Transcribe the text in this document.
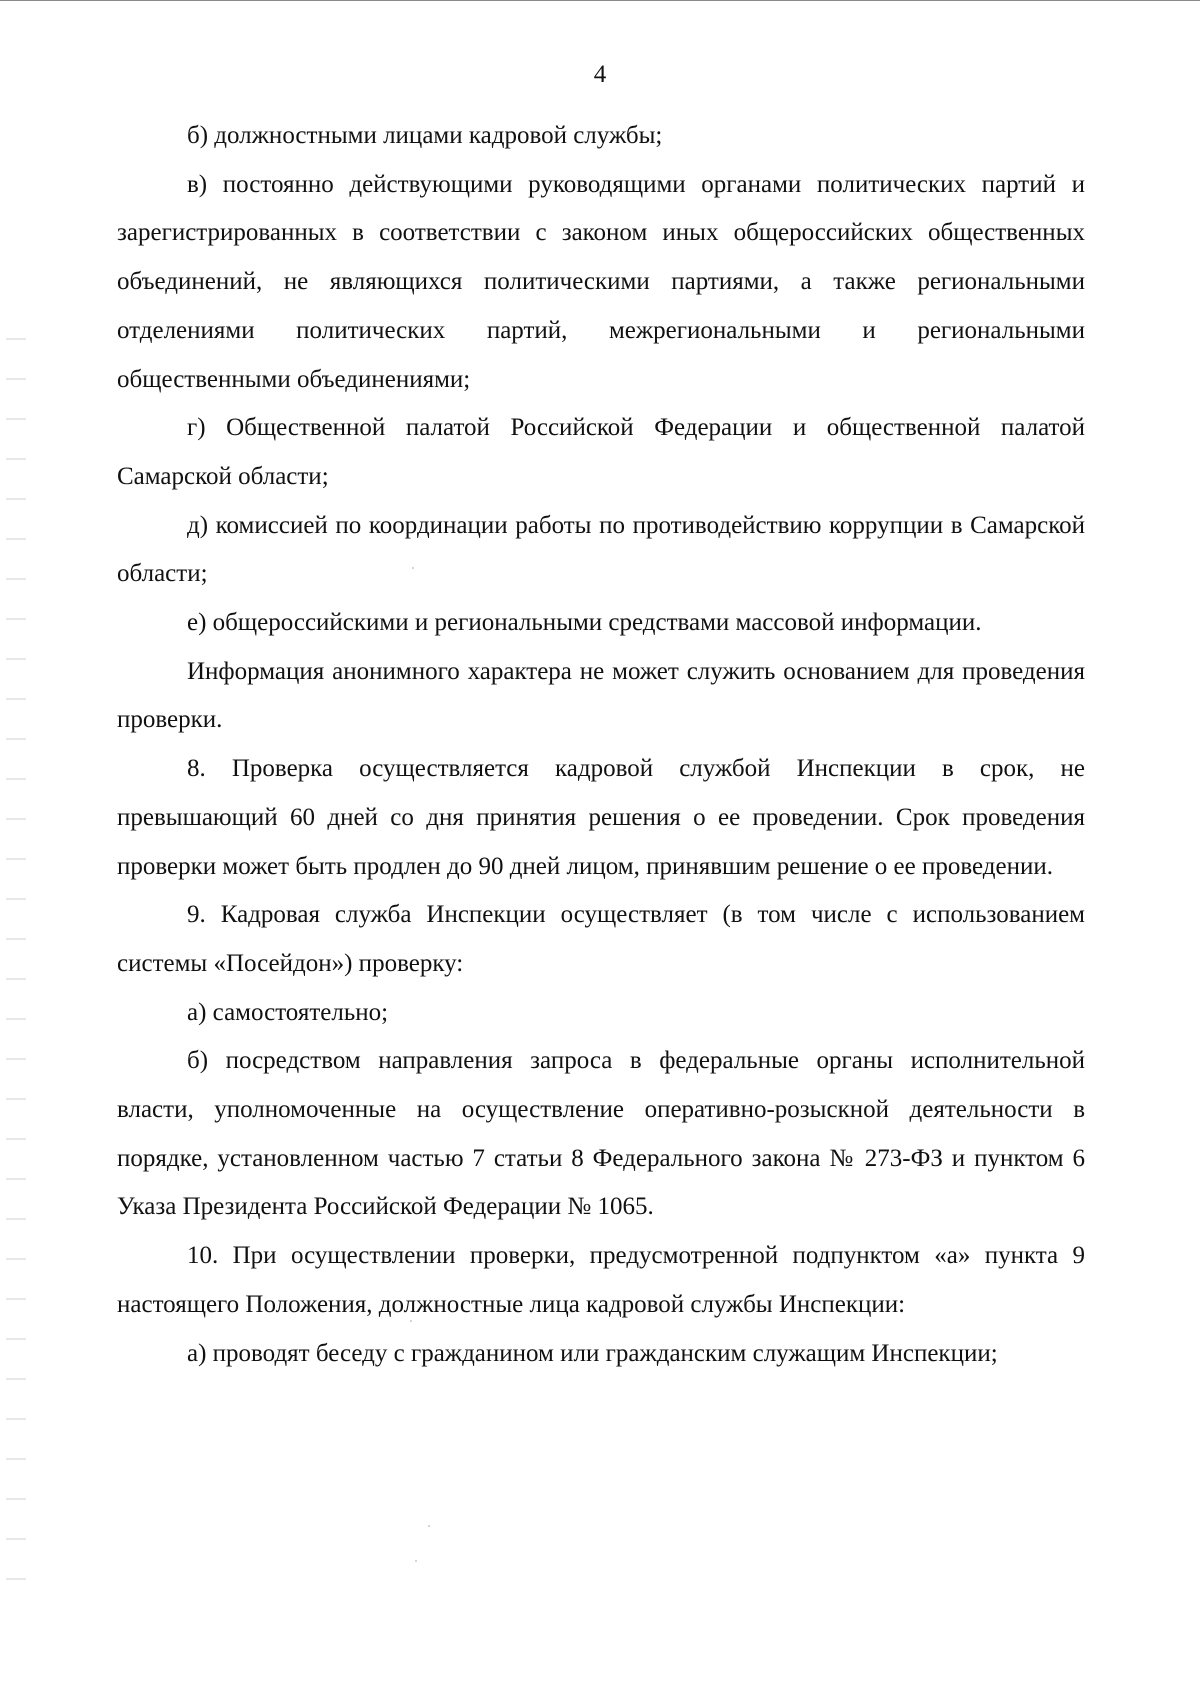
4

б) должностными лицами кадровой службы;

в) постоянно действующими руководящими органами политических партий и зарегистрированных в соответствии с законом иных общероссийских общественных объединений, не являющихся политическими партиями, а также региональными отделениями политических партий, межрегиональными и региональными общественными объединениями;

г) Общественной палатой Российской Федерации и общественной палатой Самарской области;

д) комиссией по координации работы по противодействию коррупции в Самарской области;

е) общероссийскими и региональными средствами массовой информации.

Информация анонимного характера не может служить основанием для проведения проверки.

8. Проверка осуществляется кадровой службой Инспекции в срок, не превышающий 60 дней со дня принятия решения о ее проведении. Срок проведения проверки может быть продлен до 90 дней лицом, принявшим решение о ее проведении.

9. Кадровая служба Инспекции осуществляет (в том числе с использованием системы «Посейдон») проверку:

а) самостоятельно;

б) посредством направления запроса в федеральные органы исполнительной власти, уполномоченные на осуществление оперативно-розыскной деятельности в порядке, установленном частью 7 статьи 8 Федерального закона № 273-ФЗ и пунктом 6 Указа Президента Российской Федерации № 1065.

10. При осуществлении проверки, предусмотренной подпунктом «а» пункта 9 настоящего Положения, должностные лица кадровой службы Инспекции:

а) проводят беседу с гражданином или гражданским служащим Инспекции;
